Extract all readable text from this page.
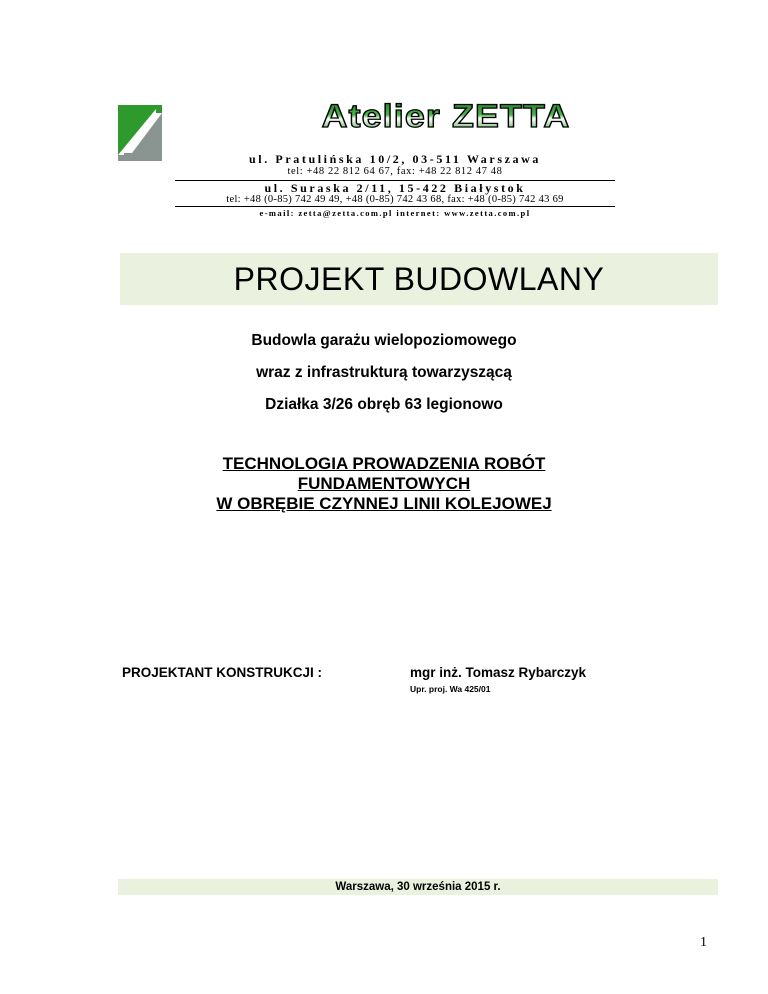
Atelier ZETTA
ul. Pratulińska 10/2, 03-511 Warszawa
tel: +48 22 812 64 67, fax: +48 22 812 47 48
ul. Suraska 2/11, 15-422 Białystok
tel: +48 (0-85) 742 49 49, +48 (0-85) 742 43 68, fax: +48 (0-85) 742 43 69
e-mail: zetta@zetta.com.pl internet: www.zetta.com.pl
PROJEKT BUDOWLANY
Budowla garażu wielopoziomowego
wraz z infrastrukturą towarzyszącą
Działka 3/26 obręb 63 legionowo
TECHNOLOGIA PROWADZENIA ROBÓT
FUNDAMENTOWYCH
W OBRĘBIE CZYNNEJ LINII KOLEJOWEJ
PROJEKTANT KONSTRUKCJI :	mgr inż. Tomasz Rybarczyk
Upr. proj. Wa 425/01
Warszawa, 30 września 2015 r.
1
